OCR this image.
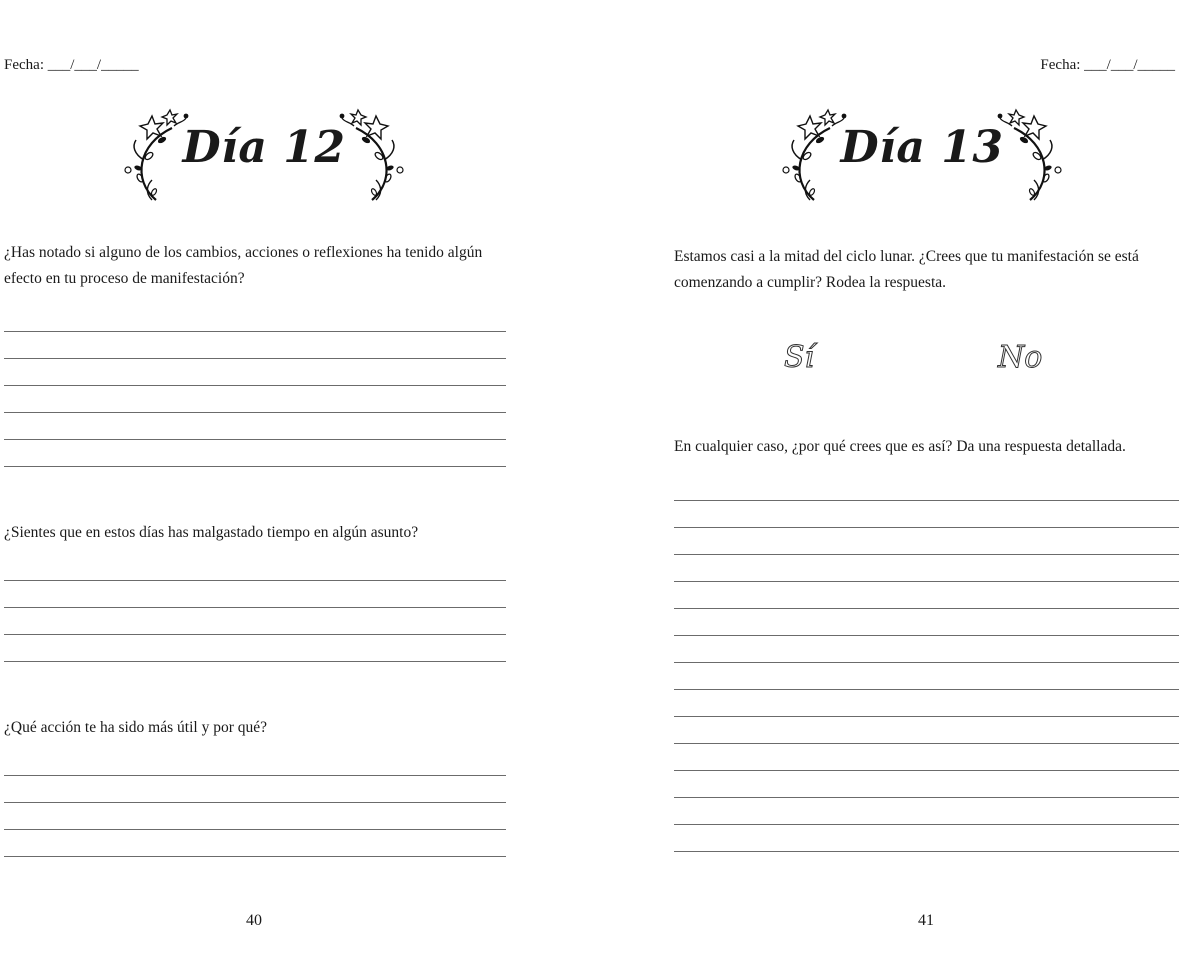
Fecha: ___/___/_____
Día 12

¿Has notado si alguno de los cambios, acciones o reflexiones ha tenido algún efecto en tu proceso de manifestación?

¿Sientes que en estos días has malgastado tiempo en algún asunto?

¿Qué acción te ha sido más útil y por qué?

40
Fecha: ___/___/_____
Día 13

Estamos casi a la mitad del ciclo lunar. ¿Crees que tu manifestación se está comenzando a cumplir? Rodea la respuesta.

Sí	No

En cualquier caso, ¿por qué crees que es así? Da una respuesta detallada.

41
